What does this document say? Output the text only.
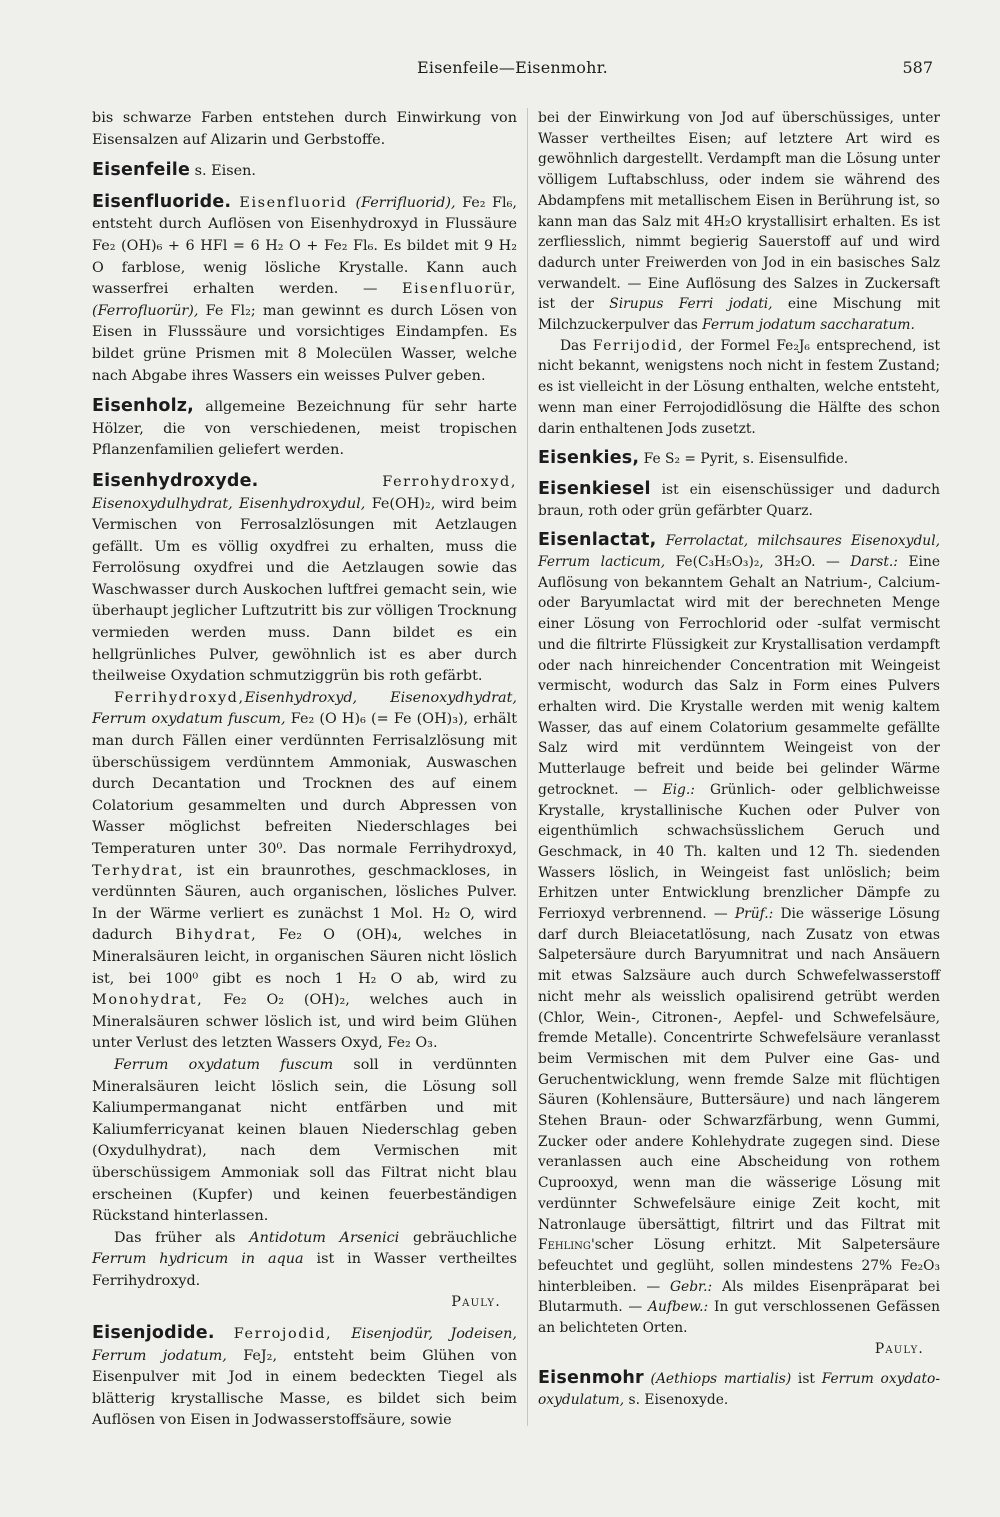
Eisenfeile—Eisenmohr.	587

bis schwarze Farben entstehen durch Einwirkung von Eisensalzen auf Alizarin und Gerbstoffe.

Eisenfeile s. Eisen.

Eisenfluoride. Eisenfluorid (Ferrifluorid), Fe₂ Fl₆, entsteht durch Auflösen von Eisenhydroxyd in Flussäure Fe₂ (OH)₆ + 6 HFl = 6 H₂ O + Fe₂ Fl₆. Es bildet mit 9 H₂ O farblose, wenig lösliche Krystalle. Kann auch wasserfrei erhalten werden. — Eisenfluorür, (Ferrofluorür), Fe Fl₂; man gewinnt es durch Lösen von Eisen in Flusssäure und vorsichtiges Eindampfen. Es bildet grüne Prismen mit 8 Molecülen Wasser, welche nach Abgabe ihres Wassers ein weisses Pulver geben.

Eisenholz, allgemeine Bezeichnung für sehr harte Hölzer, die von verschiedenen, meist tropischen Pflanzenfamilien geliefert werden.

Eisenhydroxyde. Ferrohydroxyd, Eisenoxydulhydrat, Eisenhydroxydul, Fe(OH)₂, wird beim Vermischen von Ferrosalzlösungen mit Aetzlaugen gefällt. Um es völlig oxydfrei zu erhalten, muss die Ferrolösung oxydfrei und die Aetzlaugen sowie das Waschwasser durch Auskochen luftfrei gemacht sein, wie überhaupt jeglicher Luftzutritt bis zur völligen Trocknung vermieden werden muss. Dann bildet es ein hellgrünliches Pulver, gewöhnlich ist es aber durch theilweise Oxydation schmutziggrün bis roth gefärbt.

Ferrihydroxyd,Eisenhydroxyd, Eisenoxydhydrat, Ferrum oxydatum fuscum, Fe₂ (O H)₆ (= Fe (OH)₃), erhält man durch Fällen einer verdünnten Ferrisalzlösung mit überschüssigem verdünntem Ammoniak, Auswaschen durch Decantation und Trocknen des auf einem Colatorium gesammelten und durch Abpressen von Wasser möglichst befreiten Niederschlages bei Temperaturen unter 30⁰. Das normale Ferrihydroxyd, Terhydrat, ist ein braunrothes, geschmackloses, in verdünnten Säuren, auch organischen, lösliches Pulver. In der Wärme verliert es zunächst 1 Mol. H₂ O, wird dadurch Bihydrat, Fe₂ O (OH)₄, welches in Mineralsäuren leicht, in organischen Säuren nicht löslich ist, bei 100⁰ gibt es noch 1 H₂ O ab, wird zu Monohydrat, Fe₂ O₂ (OH)₂, welches auch in Mineralsäuren schwer löslich ist, und wird beim Glühen unter Verlust des letzten Wassers Oxyd, Fe₂ O₃.

Ferrum oxydatum fuscum soll in verdünnten Mineralsäuren leicht löslich sein, die Lösung soll Kaliumpermanganat nicht entfärben und mit Kaliumferricyanat keinen blauen Niederschlag geben (Oxydulhydrat), nach dem Vermischen mit überschüssigem Ammoniak soll das Filtrat nicht blau erscheinen (Kupfer) und keinen feuerbeständigen Rückstand hinterlassen.

Das früher als Antidotum Arsenici gebräuchliche Ferrum hydricum in aqua ist in Wasser vertheiltes Ferrihydroxyd.

Pauly.

Eisenjodide. Ferrojodid, Eisenjodür, Jodeisen, Ferrum jodatum, FeJ₂, entsteht beim Glühen von Eisenpulver mit Jod in einem bedeckten Tiegel als blätterig krystallische Masse, es bildet sich beim Auflösen von Eisen in Jodwasserstoffsäure, sowie

bei der Einwirkung von Jod auf überschüssiges, unter Wasser vertheiltes Eisen; auf letztere Art wird es gewöhnlich dargestellt. Verdampft man die Lösung unter völligem Luftabschluss, oder indem sie während des Abdampfens mit metallischem Eisen in Berührung ist, so kann man das Salz mit 4H₂O krystallisirt erhalten. Es ist zerfliesslich, nimmt begierig Sauerstoff auf und wird dadurch unter Freiwerden von Jod in ein basisches Salz verwandelt. — Eine Auflösung des Salzes in Zuckersaft ist der Sirupus Ferri jodati, eine Mischung mit Milchzuckerpulver das Ferrum jodatum saccharatum.

Das Ferrijodid, der Formel Fe₂J₆ entsprechend, ist nicht bekannt, wenigstens noch nicht in festem Zustand; es ist vielleicht in der Lösung enthalten, welche entsteht, wenn man einer Ferrojodidlösung die Hälfte des schon darin enthaltenen Jods zusetzt.

Eisenkies, Fe S₂ = Pyrit, s. Eisensulfide.

Eisenkiesel ist ein eisenschüssiger und dadurch braun, roth oder grün gefärbter Quarz.

Eisenlactat, Ferrolactat, milchsaures Eisenoxydul, Ferrum lacticum, Fe(C₃H₅O₃)₂, 3H₂O. — Darst.: Eine Auflösung von bekanntem Gehalt an Natrium-, Calcium- oder Baryumlactat wird mit der berechneten Menge einer Lösung von Ferrochlorid oder -sulfat vermischt und die filtrirte Flüssigkeit zur Krystallisation verdampft oder nach hinreichender Concentration mit Weingeist vermischt, wodurch das Salz in Form eines Pulvers erhalten wird. Die Krystalle werden mit wenig kaltem Wasser, das auf einem Colatorium gesammelte gefällte Salz wird mit verdünntem Weingeist von der Mutterlauge befreit und beide bei gelinder Wärme getrocknet. — Eig.: Grünlich- oder gelblichweisse Krystalle, krystallinische Kuchen oder Pulver von eigenthümlich schwachsüsslichem Geruch und Geschmack, in 40 Th. kalten und 12 Th. siedenden Wassers löslich, in Weingeist fast unlöslich; beim Erhitzen unter Entwicklung brenzlicher Dämpfe zu Ferrioxyd verbrennend. — Prüf.: Die wässerige Lösung darf durch Bleiacetatlösung, nach Zusatz von etwas Salpetersäure durch Baryumnitrat und nach Ansäuern mit etwas Salzsäure auch durch Schwefelwasserstoff nicht mehr als weisslich opalisirend getrübt werden (Chlor, Wein-, Citronen-, Aepfel- und Schwefelsäure, fremde Metalle). Concentrirte Schwefelsäure veranlasst beim Vermischen mit dem Pulver eine Gas- und Geruchentwicklung, wenn fremde Salze mit flüchtigen Säuren (Kohlensäure, Buttersäure) und nach längerem Stehen Braun- oder Schwarzfärbung, wenn Gummi, Zucker oder andere Kohlehydrate zugegen sind. Diese veranlassen auch eine Abscheidung von rothem Cuprooxyd, wenn man die wässerige Lösung mit verdünnter Schwefelsäure einige Zeit kocht, mit Natronlauge übersättigt, filtrirt und das Filtrat mit Fehling'scher Lösung erhitzt. Mit Salpetersäure befeuchtet und geglüht, sollen mindestens 27% Fe₂O₃ hinterbleiben. — Gebr.: Als mildes Eisenpräparat bei Blutarmuth. — Aufbew.: In gut verschlossenen Gefässen an belichteten Orten.

Pauly.

Eisenmohr (Aethiops martialis) ist Ferrum oxydato-oxydulatum, s. Eisenoxyde.
